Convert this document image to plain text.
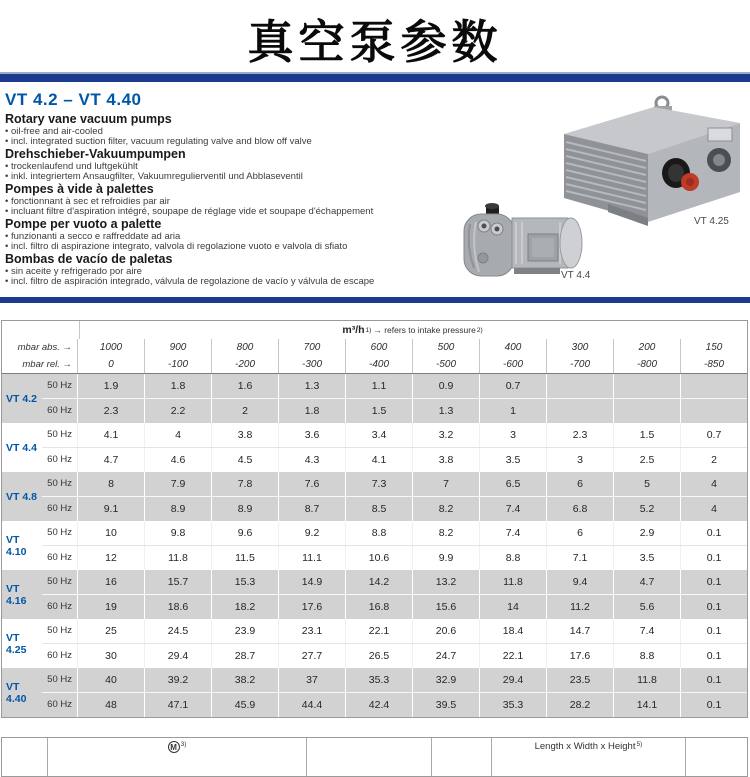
真空泵参数
VT 4.2 – VT 4.40
Rotary vane vacuum pumps
• oil-free and air-cooled
• incl. integrated suction filter, vacuum regulating valve and blow off valve
Drehschieber-Vakuumpumpen
• trockenlaufend und luftgekühlt
• inkl. integriertem Ansaugfilter, Vakuumregulierventil und Abblaseventil
Pompes à vide à palettes
• fonctionnant à sec et refroidies par air
• incluant filtre d'aspiration intégré, soupape de réglage vide et soupape d'échappement
Pompe per vuoto a palette
• funzionanti a secco e raffreddate ad aria
• incl. filtro di aspirazione integrato, valvola di regolazione vuoto e valvola di sfiato
Bombas de vacío de paletas
• sin aceite y refrigerado por aire
• incl. filtro de aspiración integrado, válvula de regolazione de vacío y válvula de escape
VT 4.25
VT 4.4
m³/h 1) → refers to intake pressure 2)
mbar abs. →	1000	900	800	700	600	500	400	300	200	150
mbar rel. →	0	-100	-200	-300	-400	-500	-600	-700	-800	-850
VT 4.2
50 Hz	1.9	1.8	1.6	1.3	1.1	0.9	0.7
60 Hz	2.3	2.2	2	1.8	1.5	1.3	1
VT 4.4
50 Hz	4.1	4	3.8	3.6	3.4	3.2	3	2.3	1.5	0.7
60 Hz	4.7	4.6	4.5	4.3	4.1	3.8	3.5	3	2.5	2
VT 4.8
50 Hz	8	7.9	7.8	7.6	7.3	7	6.5	6	5	4
60 Hz	9.1	8.9	8.9	8.7	8.5	8.2	7.4	6.8	5.2	4
VT 4.10
50 Hz	10	9.8	9.6	9.2	8.8	8.2	7.4	6	2.9	0.1
60 Hz	12	11.8	11.5	11.1	10.6	9.9	8.8	7.1	3.5	0.1
VT 4.16
50 Hz	16	15.7	15.3	14.9	14.2	13.2	11.8	9.4	4.7	0.1
60 Hz	19	18.6	18.2	17.6	16.8	15.6	14	11.2	5.6	0.1
VT 4.25
50 Hz	25	24.5	23.9	23.1	22.1	20.6	18.4	14.7	7.4	0.1
60 Hz	30	29.4	28.7	27.7	26.5	24.7	22.1	17.6	8.8	0.1
VT 4.40
50 Hz	40	39.2	38.2	37	35.3	32.9	29.4	23.5	11.8	0.1
60 Hz	48	47.1	45.9	44.4	42.4	39.5	35.3	28.2	14.1	0.1
M $_{3)}$	Length x Width x Height 5)
